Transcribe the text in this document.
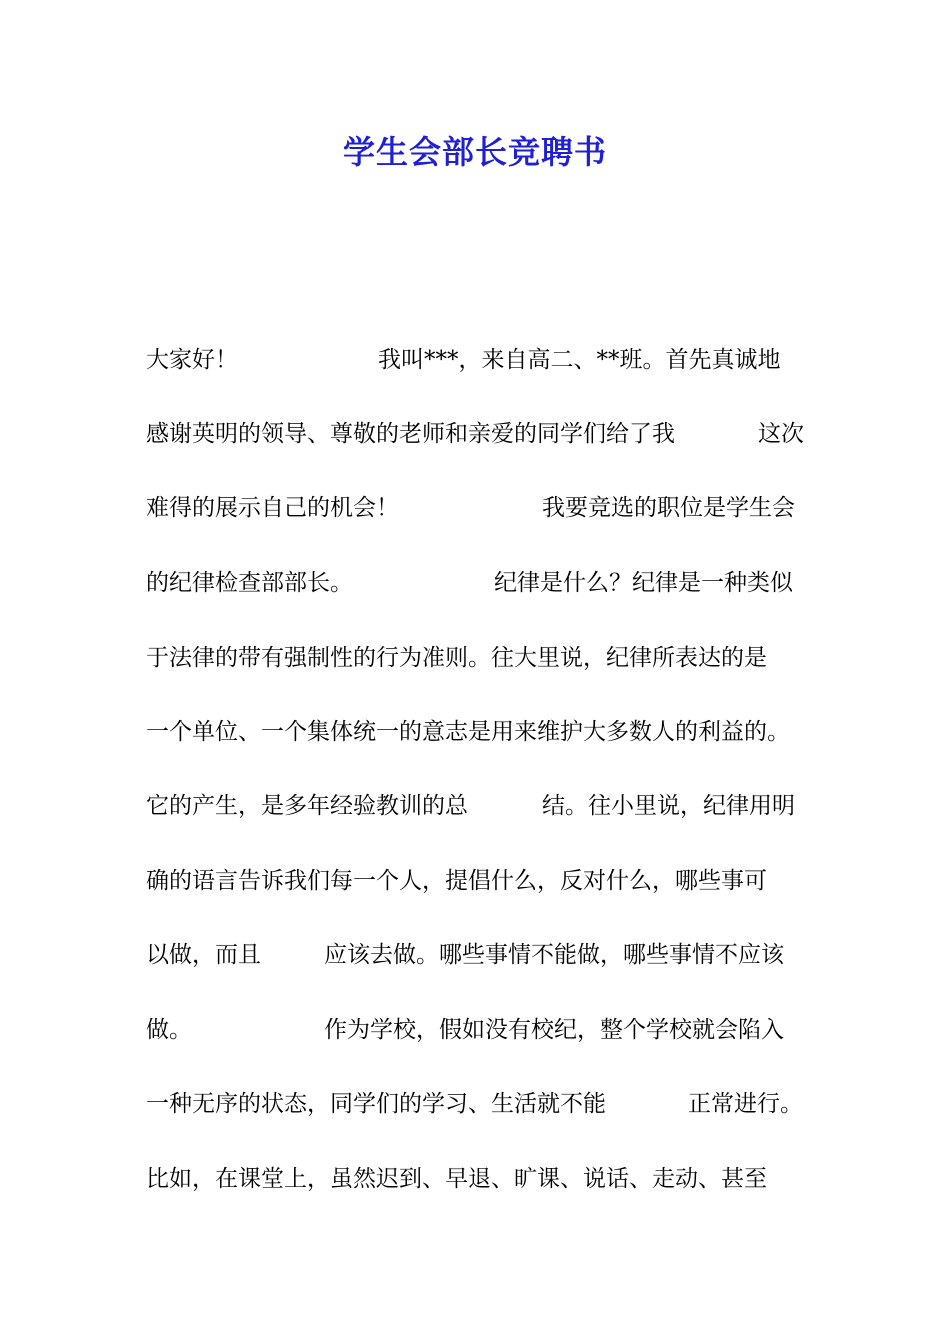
学生会部长竞聘书
大家好！	我叫***，来自高二、**班。首先真诚地
感谢英明的领导、尊敬的老师和亲爱的同学们给了我	这次
难得的展示自己的机会！	我要竞选的职位是学生会
的纪律检查部部长。	纪律是什么？纪律是一种类似
于法律的带有强制性的行为准则。往大里说，纪律所表达的是
一个单位、一个集体统一的意志是用来维护大多数人的利益的。
它的产生，是多年经验教训的总	结。往小里说，纪律用明
确的语言告诉我们每一个人，提倡什么，反对什么，哪些事可
以做，而且	应该去做。哪些事情不能做，哪些事情不应该
做。	作为学校，假如没有校纪，整个学校就会陷入
一种无序的状态，同学们的学习、生活就不能	正常进行。
比如，在课堂上，虽然迟到、早退、旷课、说话、走动、甚至
